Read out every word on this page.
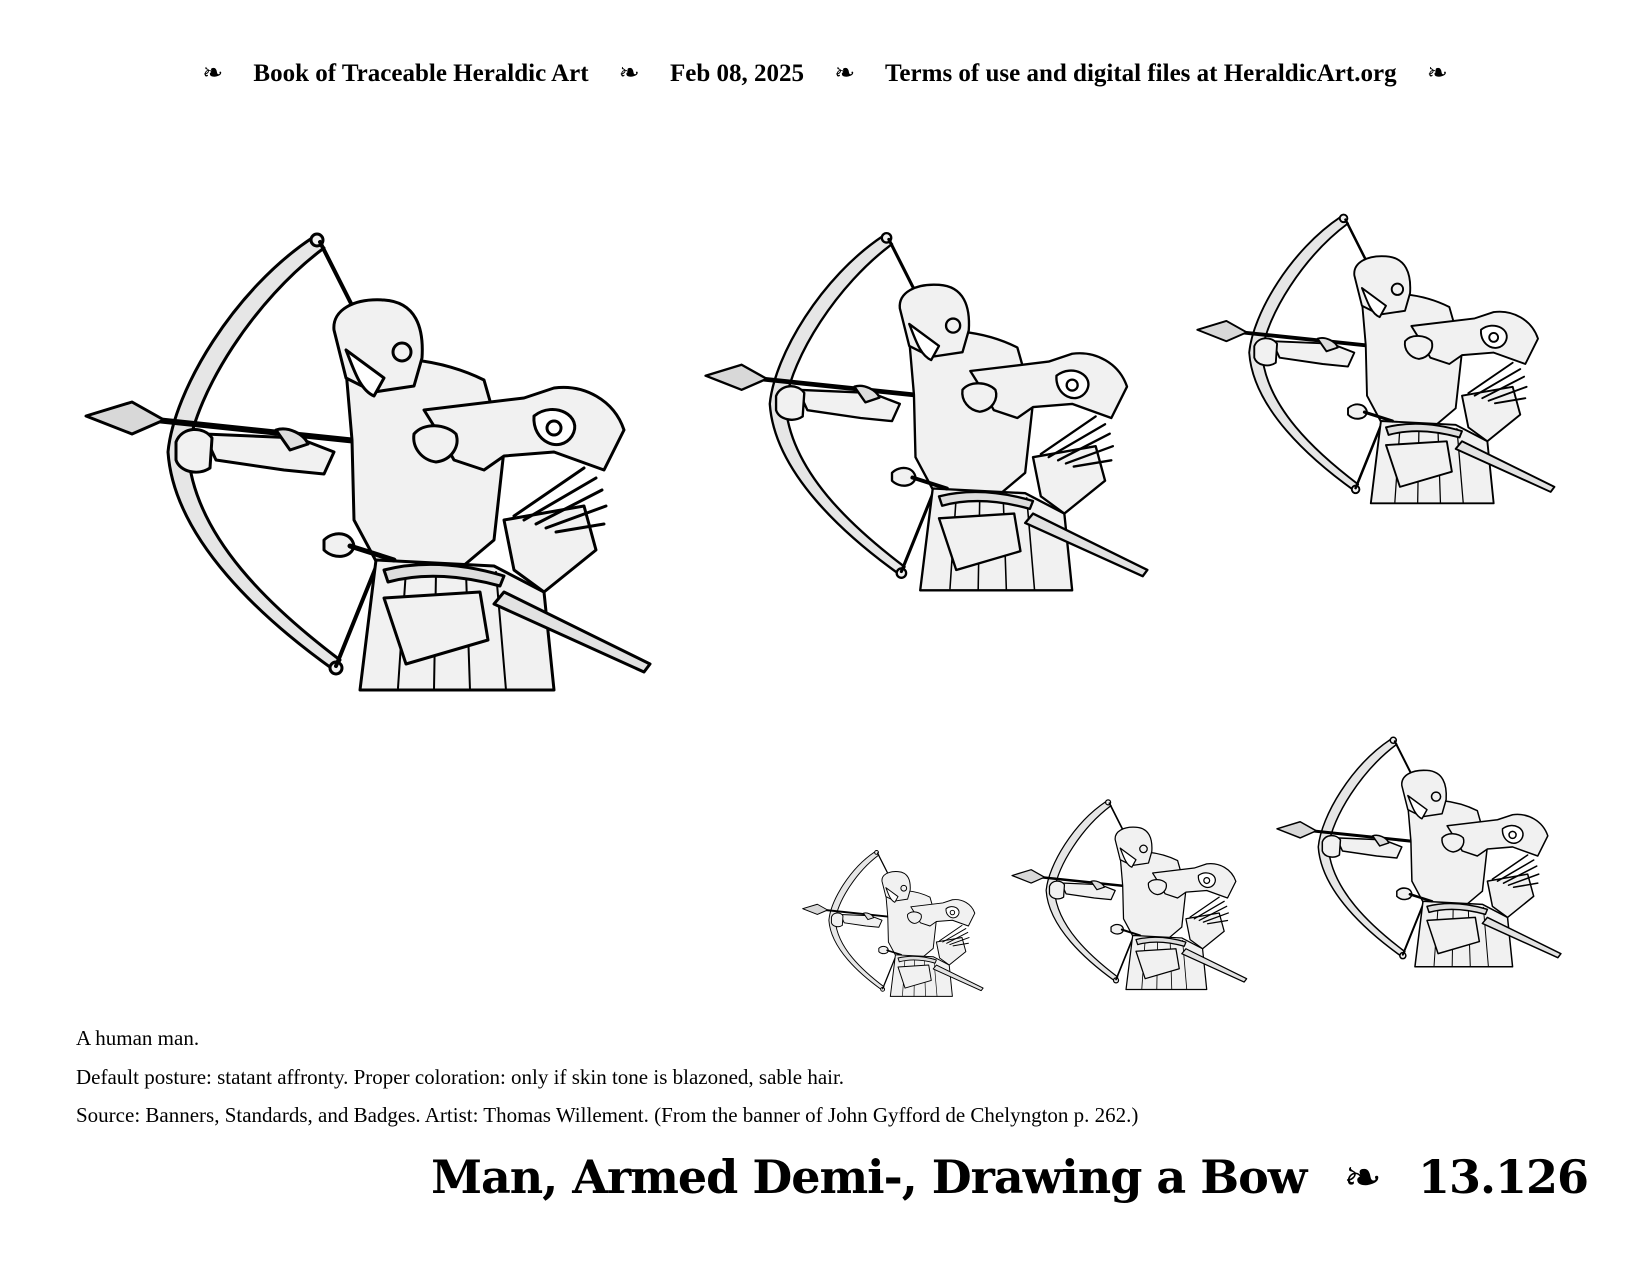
❧ Book of Traceable Heraldic Art ❧ Feb 08, 2025 ❧ Terms of use and digital files at HeraldicArt.org ❧
A human man.
Default posture: statant affronty. Proper coloration: only if skin tone is blazoned, sable hair.
Source: Banners, Standards, and Badges. Artist: Thomas Willement. (From the banner of John Gyfford de Chelyngton p. 262.)
Man, Armed Demi-, Drawing a Bow ❧ 13.126
